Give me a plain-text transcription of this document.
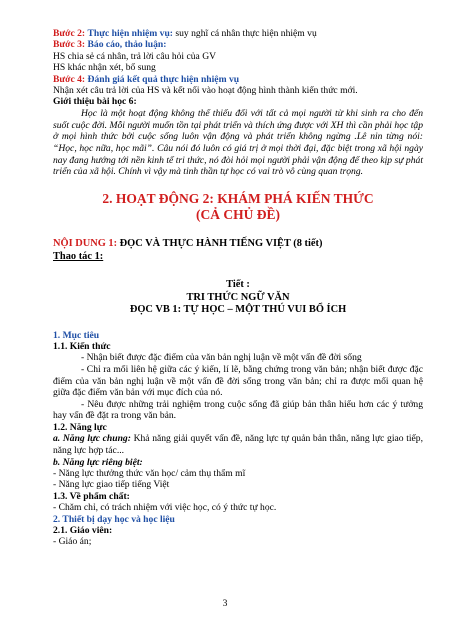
Bước 2: Thực hiện nhiệm vụ: suy nghĩ cá nhân thực hiện nhiệm vụ
Bước 3: Báo cáo, thảo luận:
HS chia sẻ cá nhân, trả lời câu hỏi của GV
HS khác nhận xét, bổ sung
Bước 4: Đánh giá kết quả thực hiện nhiệm vụ
Nhận xét câu trả lời của HS và kết nối vào hoạt động hình thành kiến thức mới.
Giới thiệu bài học 6:
Học là một hoạt động không thể thiếu đối với tất cả mọi người từ khi sinh ra cho đến suốt cuộc đời. Mỗi người muốn tồn tại phát triển và thích ứng được với XH thì cần phải học tập ở mọi hình thức bởi cuộc sống luôn vận động và phát triển không ngừng .Lê nin từng nói: “Học, học nữa, học mãi”. Câu nói đó luôn có giá trị ở mọi thời đại, đặc biệt trong xã hội ngày nay đang hướng tới nền kinh tế tri thức, nó đòi hỏi mọi người phải vận động để theo kịp sự phát triển của xã hội. Chính vì vậy mà tinh thần tự học có vai trò vô cùng quan trọng.
2. HOẠT ĐỘNG 2: KHÁM PHÁ KIẾN THỨC
(CẢ CHỦ ĐỀ)
NỘI DUNG 1: ĐỌC VÀ THỰC HÀNH TIẾNG VIỆT (8 tiết)
Thao tác 1:
Tiết :
TRI THỨC NGỮ VĂN
ĐỌC VB 1: TỰ HỌC – MỘT THÚ VUI BỔ ÍCH
1. Mục tiêu
1.1. Kiến thức
- Nhận biết được đặc điểm của văn bản nghị luận về một vấn đề đời sống
- Chỉ ra mối liên hệ giữa các ý kiến, lí lẽ, bằng chứng trong văn bản; nhận biết được đặc điểm của văn bản nghị luận về một vấn đề đời sống trong văn bản; chỉ ra được mối quan hệ giữa đặc điểm văn bản với mục đích của nó.
- Nêu được những trải nghiệm trong cuộc sống đã giúp bản thân hiểu hơn các ý tưởng hay vấn đề đặt ra trong văn bản.
1.2. Năng lực
a. Năng lực chung: Khả năng giải quyết vấn đề, năng lực tự quản bản thân, năng lực giao tiếp, năng lực hợp tác...
b. Năng lực riêng biệt:
- Năng lực thưởng thức văn học/ cảm thụ thẩm mĩ
- Năng lực giao tiếp tiếng Việt
1.3. Về phẩm chất:
- Chăm chỉ, có trách nhiệm với việc học, có ý thức tự học.
2. Thiết bị dạy học và học liệu
2.1. Giáo viên:
- Giáo án;
3
